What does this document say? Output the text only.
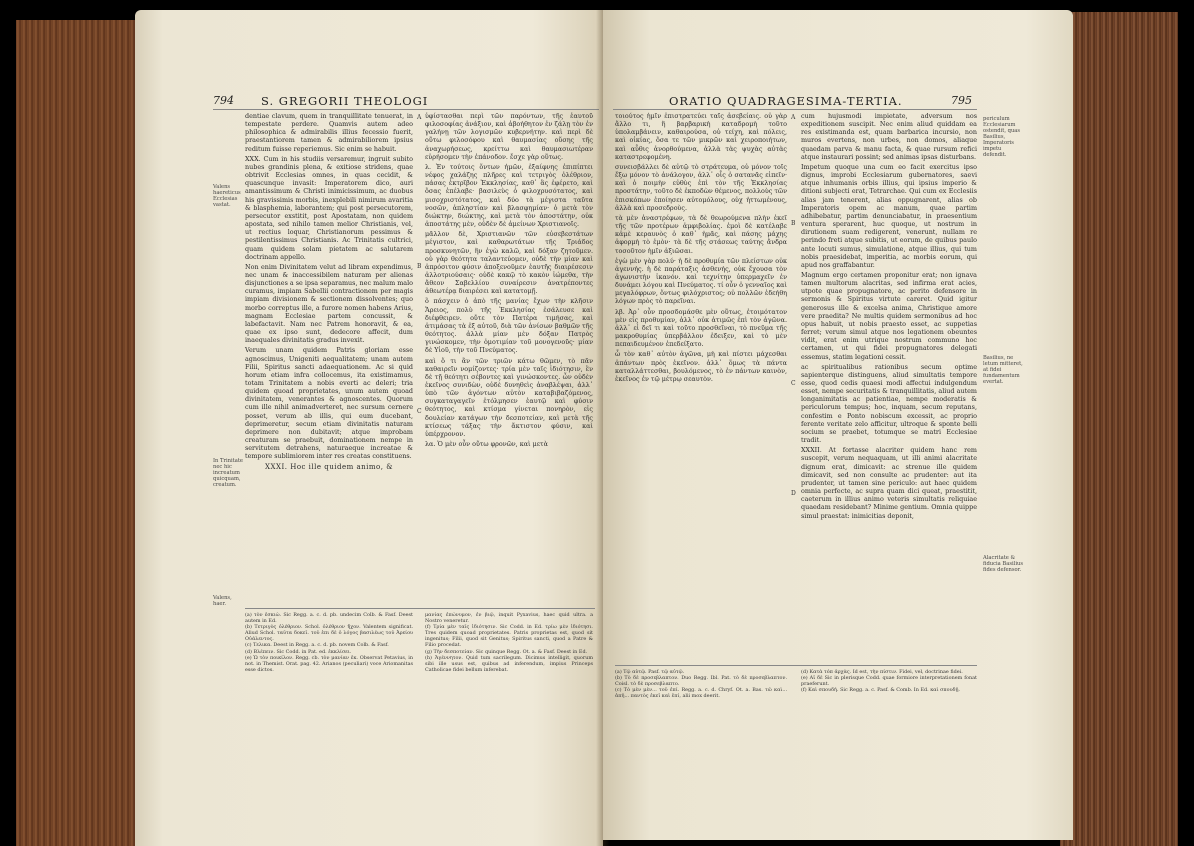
794 S. GREGORII THEOLOGI
Valens haereticus Ecclesias vastat.
In Trinitate nec hic increatum quicquam, creatum.
Valens, haer.

dentiae clavum, quem in tranquillitate tenuerat, in tempestate perdere. Quamvis autem adeo philosophica & admirabilis illius fecessio fuerit, praestantiorem tamen & admirabiliorem ipsius reditum fuisse reperiemus. Sic enim se habuit.

XXX. Cum in his studiis versaremur, ingruit subito nubes grandinis plena, & exitiose stridens, quae obtrivit Ecclesias omnes, in quas cecidit, & quascunque invasit: Imperatorem dico, auri amantissimum & Christi inimicissimum, ac duobus his gravissimis morbis, inexplebili nimirum avaritia & blasphemia, laborantem; qui post persecutorem, persecutor exstitit, post Apostatam, non quidem apostata, sed nihilo tamen melior Christianis, vel, ut rectius loquar, Christianorum pessimus & pestilentissimus Christianis. Ac Trinitatis cultrici, quam quidem solam pietatem ac salutarem doctrinam appello.

Non enim Divinitatem velut ad libram expendimus, nec unam & inaccessibilem naturam per alienas disjunctiones a se ipsa separamus, nec malum malo curamus, impiam Sabellii contractionem per magis impiam divisionem & sectionem dissolventes; quo morbo correptus ille, a furore nomen habens Arius, magnam Ecclesiae partem concussit, & labefactavit. Nam nec Patrem honoravit, & ea, quae ex ipso sunt, dedecore affecit, dum inaequales divinitatis gradus invexit.

Verum unam quidem Patris gloriam esse agnoscimus, Unigeniti aequalitatem; unam autem Filii, Spiritus sancti adaequationem. Ac si quid horum etiam infra collocemus, ita existimamus, totam Trinitatem a nobis everti ac deleri; tria quidem quoad proprietates, unum autem quoad divinitatem, venerantes & agnoscentes. Quorum cum ille nihil animadverteret, nec sursum cernere posset, verum ab illis, qui eum ducebant, deprimeretur, secum etiam divinitatis naturam deprimere non dubitavit; atque improbam creaturam se praebuit, dominationem nempe in servitutem detrahens, naturaeque increatae & tempore sublimiorem inter res creatas constituens.

XXXI. Hoc ille quidem animo, &

A
B
C

ὑφίστασθαι περὶ τῶν παρόντων, τῆς ἑαυτοῦ φιλοσοφίας ἀνάξιον, καὶ ἀβοήθητον ἐν ζάλῃ τὸν ἐν γαλήνῃ τῶν λογισμῶν κυβερνήτην. καὶ περὶ δὲ οὕτω φιλοσόφου καὶ θαυμασίας οὔσης τῆς ἀναχωρήσεως, κρείττω καὶ θαυμασιωτέραν εὑρήσομεν τὴν ἐπάνοδον. ἔσχε γὰρ οὕτως.

λ. Ἐν τούτοις ὄντων ἡμῶν, ἐξαίφνης ἐπιπίπτει νέφος χαλάζης πλῆρες καὶ τετριγὸς ὀλέθριον, πάσας ἐκτρῖβον Ἐκκλησίας, καθ᾽ ἃς ἐφέρετο, καὶ ὅσας ἐπέλαβε· βασιλεὺς ὁ φιλοχρυσότατος, καὶ μισοχριστότατος, καὶ δύο τὰ μέγιστα ταῦτα νοσῶν, ἀπληστίαν καὶ βλασφημίαν· ὁ μετὰ τὸν διώκτην, διώκτης, καὶ μετὰ τὸν ἀποστάτην, οὐκ ἀποστάτης μὲν, οὐδὲν δὲ ἀμείνων Χριστιανοῖς.

μᾶλλον δὲ, Χριστιανῶν τῶν εὐσεβεστάτων μέγιστον, καὶ καθαρωτάτων τῆς Τριάδος προσκυνητῶν, ἣν ἐγὼ καλῶ, καὶ δόξαν ζητοῦμεν. οὐ γὰρ θεότητα ταλαντεύομεν, οὐδὲ τὴν μίαν καὶ ἀπρόσιτον φύσιν ἀποξενοῦμεν ἑαυτῆς διαιρέσεσιν ἀλλοτριούσαις· οὐδὲ κακῷ τὸ κακὸν ἰώμεθα, τὴν ἄθεον Σαβελλίου συναίρεσιν ἀνατρέποντες ἀθεωτέρᾳ διαιρέσει καὶ κατατομῇ.

ὃ πάσχειν ὁ ἀπὸ τῆς μανίας ἔχων τὴν κλῆσιν Ἄρειος, πολὺ τῆς Ἐκκλησίας ἐσάλευσε καὶ διέφθειρεν. οὔτε τὸν Πατέρα τιμήσας, καὶ ἀτιμάσας τὰ ἐξ αὐτοῦ, διὰ τῶν ἀνίσων βαθμῶν τῆς θεότητος. ἀλλὰ μίαν μὲν δόξαν Πατρὸς γινώσκομεν, τὴν ὁμοτιμίαν τοῦ μονογενοῦς· μίαν δὲ Υἱοῦ, τὴν τοῦ Πνεύματος.

καὶ ὅ τι ἂν τῶν τριῶν κάτω θῶμεν, τὸ πᾶν καθαιρεῖν νομίζοντες· τρία μὲν ταῖς ἰδιότησιν, ἓν δὲ τῇ θεότητι σέβοντες καὶ γινώσκοντες. ὧν οὐδὲν ἐκεῖνος συνιδὼν, οὐδὲ δυνηθεὶς ἀναβλέψαι, ἀλλ᾽ ὑπὸ τῶν ἀγόντων αὐτὸν καταβιβαζόμενος, συγκαταγαγεῖν ἐτόλμησεν ἑαυτῷ καὶ φύσιν θεότητος, καὶ κτίσμα γίνεται πονηρὸν, εἰς δουλείαν κατάγων τὴν δεσποτείαν, καὶ μετὰ τῆς κτίσεως τάξας τὴν ἄκτιστον φύσιν, καὶ ὑπέρχρονον.

λα. Ὁ μὲν οὖν οὕτω φρονῶν, καὶ μετὰ

(a) τὸν ἐσκιὼ. Sic Regg. a. c. d. pb. undecim Colb. & Fasf. Deest autem in Ed.
(b) Τετριγὸς ὀλέθριον. Schol. ὀλέθριον ἤχον. Valentem significat. Aliud Schol. ταῦτα δοκεῖ. τοῦ ἐπι δὲ ὁ λόγος βασιλέως τοῦ Ἀρείου Οὐάλεντος.
(c) Τελικα. Deest in Regg. a. c. d. pb. novem Colb. & Fasf.
(d) Βλέπειν. Sic Codd. in Pat. ed. ἐκκλίσει.
(e) Ὡ τὸν ποικίλον. Regg. cb. τὸν μανίαν ἐκ. Observat Petavius, in not. in Themist. Orat. pag. 42. Arianos (peculiari) voce Ariomanitas esse dictos.
μανίας ἐπώνυμον, ἐν βιῷ, inquit Pyxavius, haec quid ultra. a Nostro veneretur.
(f) Τρία μὲν ταῖς ἰδιότησιν. Sic Codd. in Ed. τρίω μὲν ἰδιότησι. Tres quidem quoad proprietates. Patris proprietas est, quod sit ingenitus; Filii, quod sit Genitus; Spiritus sancti, quod a Patre & Filio procedat.
(g) Τὴν δεσποτείαν. Sic quinque Regg. Ot. a. & Fasf. Deest in Ed.
(h) Ἀγέννητον. Quid tum sacrilegum. Dicimus intelligit, quorum sibi ille usus est, quibus ad inferendum, impius Princeps Catholicae fidei bellum inferebat.
ORATIO QUADRAGESIMA-TERTIA.	795

τοιούτος ἡμῖν ἐπιστρατεύει ταῖς ἀσεβείαις. οὐ γὰρ ἄλλο τι, ἢ βαρβαρικὴ καταδρομὴ τοῦτο ὑπολαμβάνειν, καθαιρούσα, οὐ τείχη, καὶ πόλεις, καὶ οἰκίας, ὅσα τε τῶν μικρῶν καὶ χειροποιήτων, καὶ αὖθις ἀνορθούμενα, ἀλλὰ τὰς ψυχὰς αὐτὰς καταστρεφομένη.

συνεισβάλλει δὲ αὐτῷ τὸ στράτευμα, οὐ μόνον τοῖς ἔξω μόνον τὸ ἀνάλογον, ἀλλ᾽ οἷς ὁ σατανᾶς εἰπεῖν· καὶ ὁ ποιμὴν εὐθὺς ἐπὶ τὸν τῆς Ἐκκλησίας προστάτην, τοῦτο δὲ ἐκποδὼν θέμενος, πολλοὺς τῶν ἐπισκόπων ἐποίησεν αὐτομόλους, οὐχ ἡττωμένους, ἀλλὰ καὶ προσεδροὺς.

τὰ μὲν ἀναστρέφων, τὰ δὲ θεωρούμενα πλὴν ἐκεῖ τῆς τῶν προτέρων ἀμφιβολίας. ἐμοὶ δὲ κατέλαβε κἀμὲ κεραυνὸς ὁ καθ᾽ ἡμᾶς, καὶ πάσης μάχης ἀφορμὴ τὸ ἐμὸν· τὰ δὲ τῆς στάσεως ταύτης ἄνδρα τοσοῦτον ἡμῖν ἀξιῶσαι.

ἐγὼ μὲν γὰρ πολύ· ἡ δὲ προθυμία τῶν πλείστων οὐκ ἀγεννής. ἡ δὲ παράταξις ἀσθενής, οὐκ ἔχουσα τὸν ἀγωνιστὴν ἱκανόν. καὶ τεχνίτην ὑπερμαχεῖν ἐν δυνάμει λόγου καὶ Πνεύματος. τί οὖν ὁ γενναῖος καὶ μεγαλόφρων, ὄντως φιλόχριστος; οὐ πολλῶν ἐδεήθη λόγων πρὸς τὸ παρεῖναι.

λβ. Ἀρ᾽ οὖν προσδομάσθε μὲν οὕτως, ἐτοιμότατον μὲν εἰς προθυμίαν, ἀλλ᾽ οὐκ ἀτιμῶς ἐπὶ τὸν ἀγῶνα. ἀλλ᾽ εἰ δεῖ τι καὶ τοῦτο προσθεῖναι, τὸ πνεῦμα τῆς μακροθυμίας ὑπερβάλλον ἐδειξεν, καὶ τὸ μὲν πεπαιδευμένον ἐπεδείξατο.

ὦ τὸν καθ᾽ αὐτὸν ἀγῶνα, μὴ καὶ πίστει μάχεσθαι ἀπάντων πρὸς ἐκεῖνον. ἀλλ᾽ ὅμως τὰ πάντα καταλλάττεσθαι, βουλόμενος, τὸ ἐν πάντων καινὸν, ἐκεῖνος ἐν τῷ μέτρῳ σεαυτὸν.

A
B
C
D

cum hujusmodi impietate, adversum nos expeditionem suscipit. Nec enim aliud quiddam ea res existimanda est, quam barbarica incursio, non muros evertens, non urbes, non domos, aliaque quaedam parva & manu facta, & quae rursum refici atque instaurari possint; sed animas ipsas disturbans.

Impetum quoque una cum eo facit exercitus ipso dignus, improbi Ecclesiarum gubernatores, saevi atque inhumanis orbis illius, qui ipsius imperio & ditioni subjecti erat, Tetrarchae. Qui cum ex Ecclesiis alias jam tenerent, alias oppugnarent, alias ob Imperatoris opem ac manum, quae partim adhibebatur, partim denunciabatur, in praesentium ventura sperarent, huc quoque, ut nostrum in dirutionem suam redigerent, venerunt, nullam re perindo freti atque subitis, ut eorum, de quibus paulo ante locuti sumus, simulatione, atque illius, qui tum nobis praesidebat, imperitia, ac morbis eorum, qui apud nos graffabantur.

Magnum ergo certamen proponitur erat; non ignava tamen multorum alacritas, sed infirma erat acies, utpote quae propugnatore, ac perito defensore in sermonis & Spiritus virtute careret. Quid igitur generosus ille & excelsa anima, Christique amore vere praedita? Ne multis quidem sermonibus ad hoc opus habuit, ut nobis praesto esset, ac suppetias ferret; verum simul atque nos legationem obeuntes vidit, erat enim utrique nostrum communo hoc certamen, ut qui fidei propugnatores delegati essemus, statim legationi cessit.

ac spiritualibus rationibus secum optime sapienterque distinguens, aliud simultatis tempore esse, quod cedis quaesi modi affectui indulgendum esset, nempe securitatis & tranquillitatis, aliud autem longanimitatis ac patientiae, nempe moderatis & periculorum tempus; hoc, inquam, secum reputans, confestim e Ponto nobiscum excessit, ac proprio ferente veritate zelo afficitur, ultroque & sponte belli socium se praebet, totumque se matri Ecclesiae tradit.

XXXII. At fortasse alacriter quidem hanc rem suscepit, verum nequaquam, ut illi animi alacritate dignum erat, dimicavit: ac strenue ille quidem dimicavit, sed non consulte ac prudenter: aut ita prudenter, ut tamen sine periculo: aut haec quidem omnia perfecte, ac supra quam dici queat, praestitit, caeterum in illius animo veteris simultatis reliquiae quaedam residebant? Minime gentium. Omnia quippe simul praestat: inimicitias deponit,

periculum Ecclesiarum ostendit, quas Basilius, Imperatoris impetu defendit.
Basilius, ne letum mitteret, at fidei fundamentum evertat.
Alacritate & fiducia Basilius fides defensor.
(a) Τῷ αὐτῷ. Pasf. τῷ αὐτῷ.
(b) Τὸ δὲ προσεβλαπτον. Duo Regg. Ibl. Pat. τὸ δὲ προσεβλαπτον. Coisl. τὸ δὲ προσεβλαπτο.
(c) Τὸ μὲν μὲν... τοῦ ἐπί. Regg. a. c. d. Chryf. Ot. a. Bas. τῶ καὶ... ἀπῆ... παντὸς ἐκεῖ καὶ ἐπί, alii mox deerit.
(d) Κατὰ τόπ ἀρχὰς. Id est, τὴν πίστιν. Fidei, vel, doctrinae fidei.
(e) Αἱ δὲ Sic in plerisque Codd. quae formiore interpretationem fonat praeferunt.
(f) Καὶ σπουδή. Sic Regg. a. c. Pasf. & Comb. In Ed. καὶ σπουδῇ.
